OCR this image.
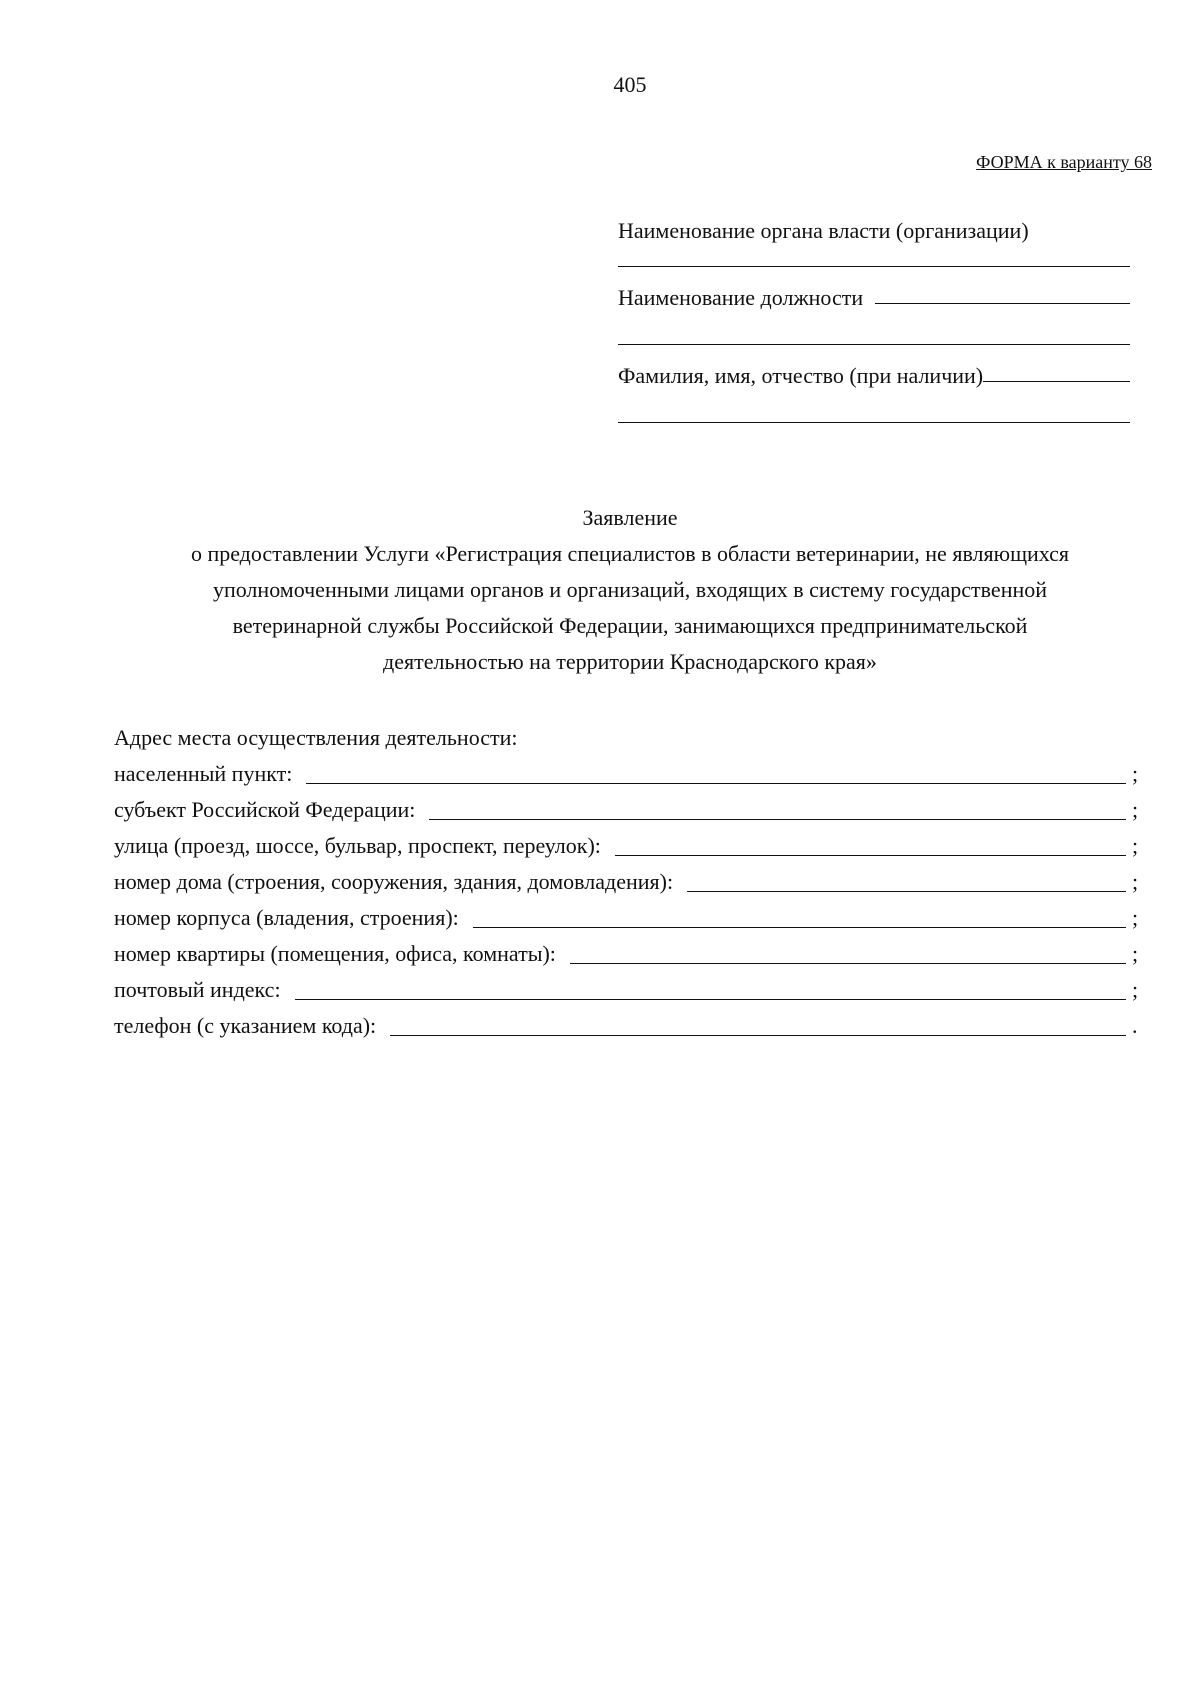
405
ФОРМА к варианту 68
Наименование органа власти (организации)
Наименование должности
Фамилия, имя, отчество (при наличии)
Заявление
о предоставлении Услуги «Регистрация специалистов в области ветеринарии, не являющихся
уполномоченными лицами органов и организаций, входящих в систему государственной
ветеринарной службы Российской Федерации, занимающихся предпринимательской
деятельностью на территории Краснодарского края»
Адрес места осуществления деятельности:
населенный пункт:	;
субъект Российской Федерации:	;
улица (проезд, шоссе, бульвар, проспект, переулок):	;
номер дома (строения, сооружения, здания, домовладения):	;
номер корпуса (владения, строения):	;
номер квартиры (помещения, офиса, комнаты):	;
почтовый индекс:	;
телефон (с указанием кода):	.
